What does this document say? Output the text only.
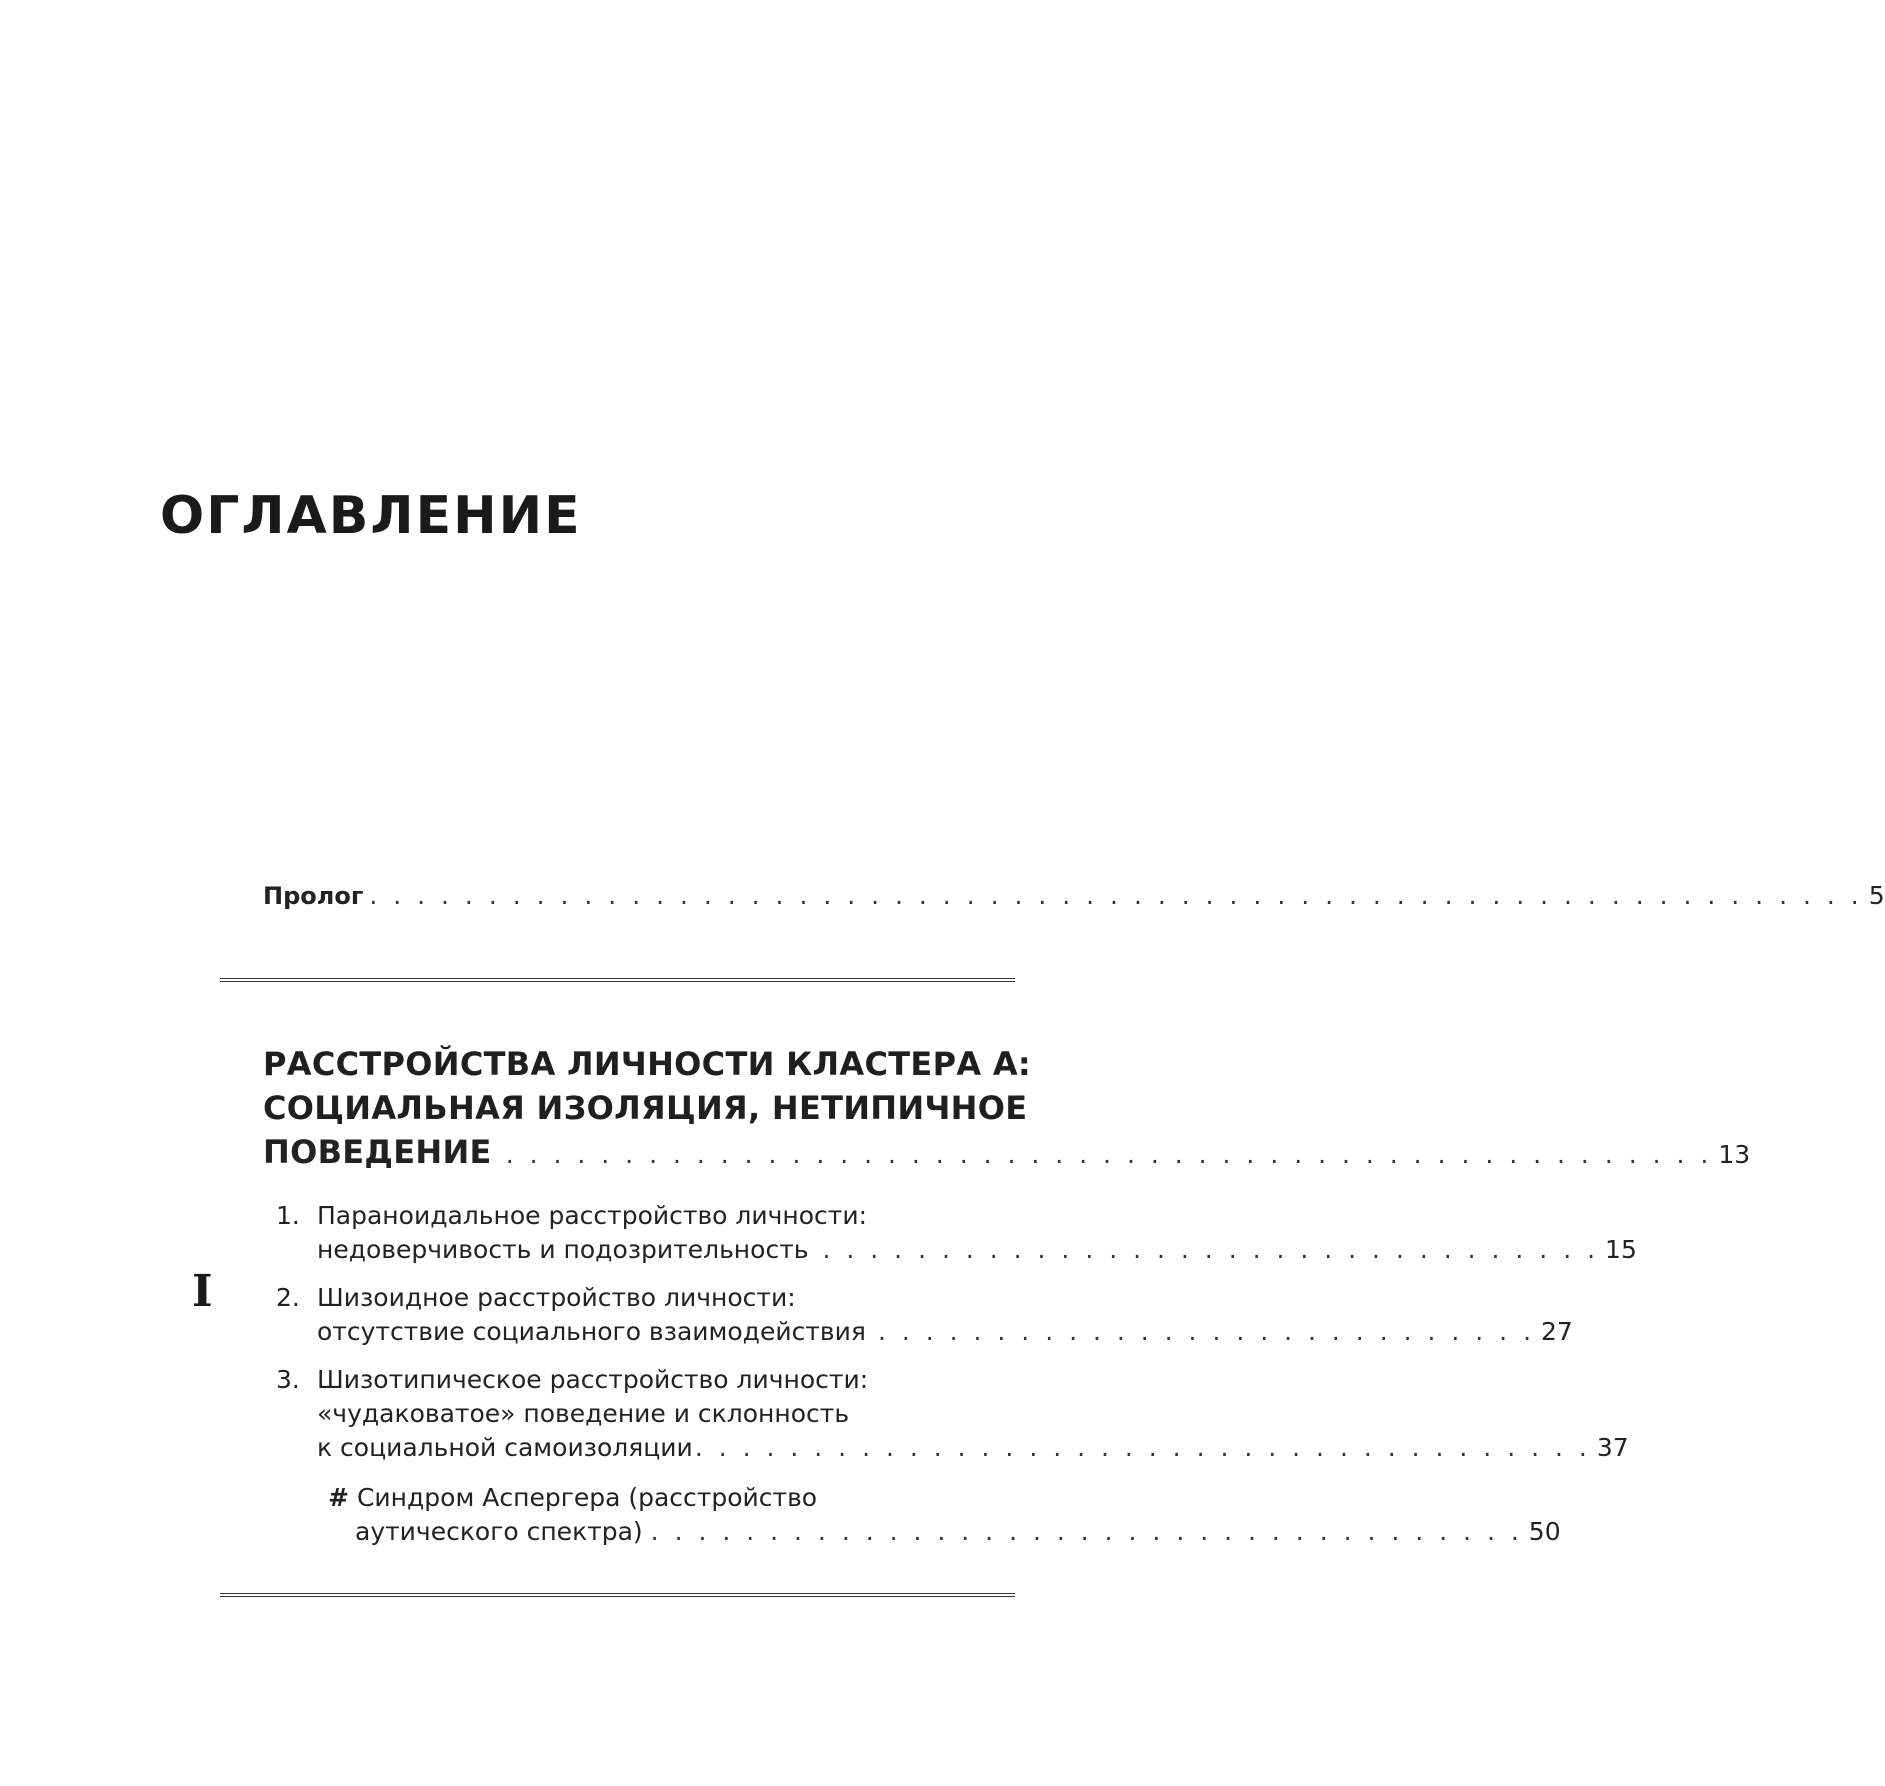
ОГЛАВЛЕНИЕ
Пролог . . . . . . . . . . . . . . . . . . . . . . . . . . . . . . . . . . . . . . . . . . . . . . . . . . . . . . . . . . . . . . . 5
РАССТРОЙСТВА ЛИЧНОСТИ КЛАСТЕРА А:
СОЦИАЛЬНАЯ ИЗОЛЯЦИЯ, НЕТИПИЧНОЕ
ПОВЕДЕНИЕ . . . . . . . . . . . . . . . . . . . . . . . . . . . . . . . . . . . . . . . . . . . . . . . . . . . 13
I
1. Параноидальное расстройство личности:
недоверчивость и подозрительность . . . . . . . . . . . . . . . . . . . . . . . . . . . . . . . . . 15
2. Шизоидное расстройство личности:
отсутствие социального взаимодействия . . . . . . . . . . . . . . . . . . . . . . . . . . . . 27
3. Шизотипическое расстройство личности:
«чудаковатое» поведение и склонность
к социальной самоизоляции . . . . . . . . . . . . . . . . . . . . . . . . . . . . . . . . . . . . . . 37
# Синдром Аспергера (расстройство
аутического спектра) . . . . . . . . . . . . . . . . . . . . . . . . . . . . . . . . . . . . . 50
